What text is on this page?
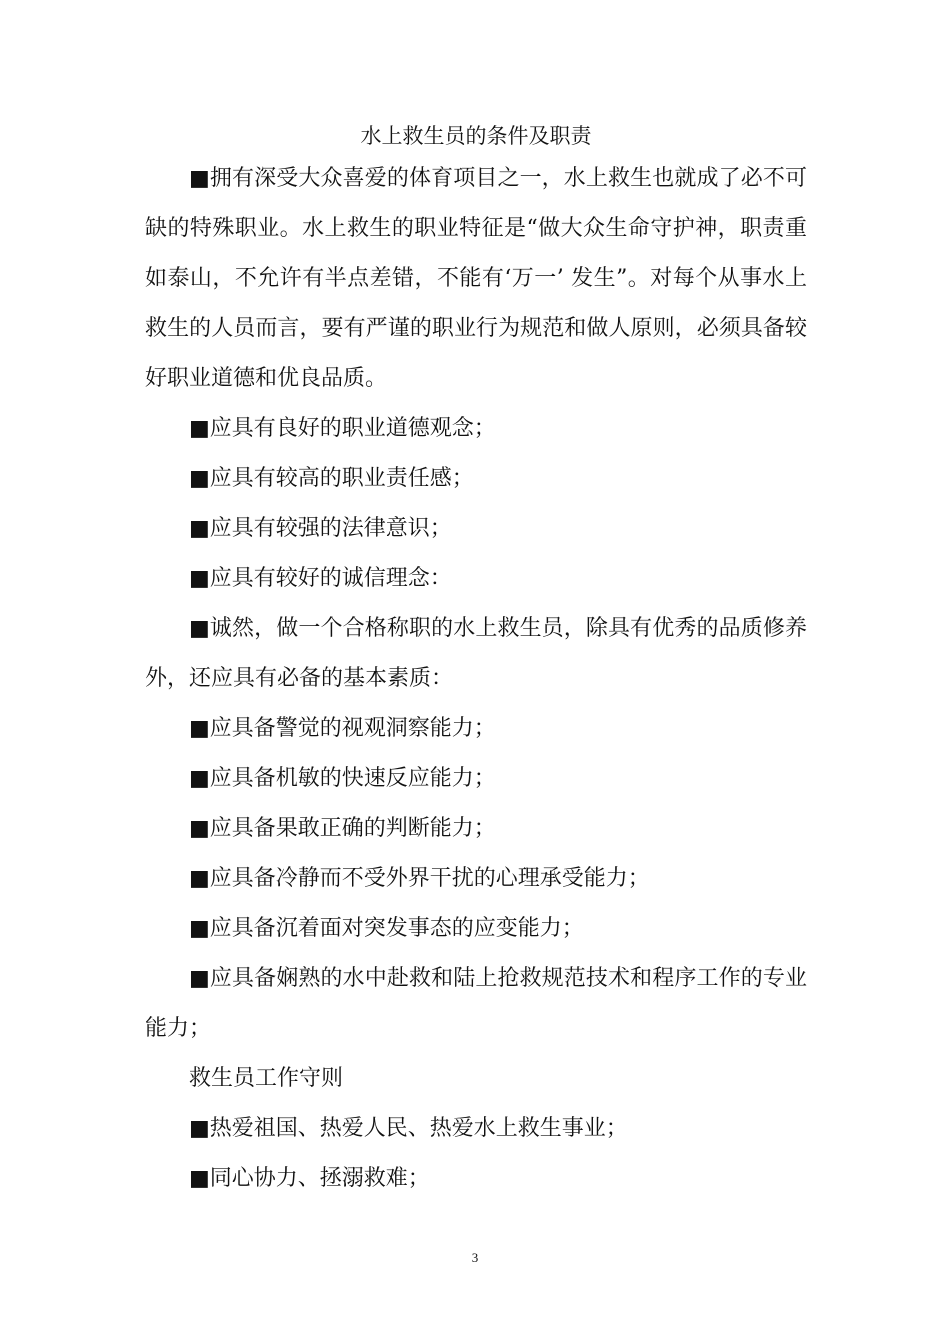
水上救生员的条件及职责

■拥有深受大众喜爱的体育项目之一，水上救生也就成了必不可缺的特殊职业。水上救生的职业特征是“做大众生命守护神，职责重如泰山，不允许有半点差错，不能有‘万一’ 发生”。对每个从事水上救生的人员而言，要有严谨的职业行为规范和做人原则，必须具备较好职业道德和优良品质。

■应具有良好的职业道德观念；

■应具有较高的职业责任感；

■应具有较强的法律意识；

■应具有较好的诚信理念：

■诚然，做一个合格称职的水上救生员，除具有优秀的品质修养外，还应具有必备的基本素质：

■应具备警觉的视观洞察能力；

■应具备机敏的快速反应能力；

■应具备果敢正确的判断能力；

■应具备冷静而不受外界干扰的心理承受能力；

■应具备沉着面对突发事态的应变能力；

■应具备娴熟的水中赴救和陆上抢救规范技术和程序工作的专业能力；

救生员工作守则

■热爱祖国、热爱人民、热爱水上救生事业；

■同心协力、拯溺救难；

3
